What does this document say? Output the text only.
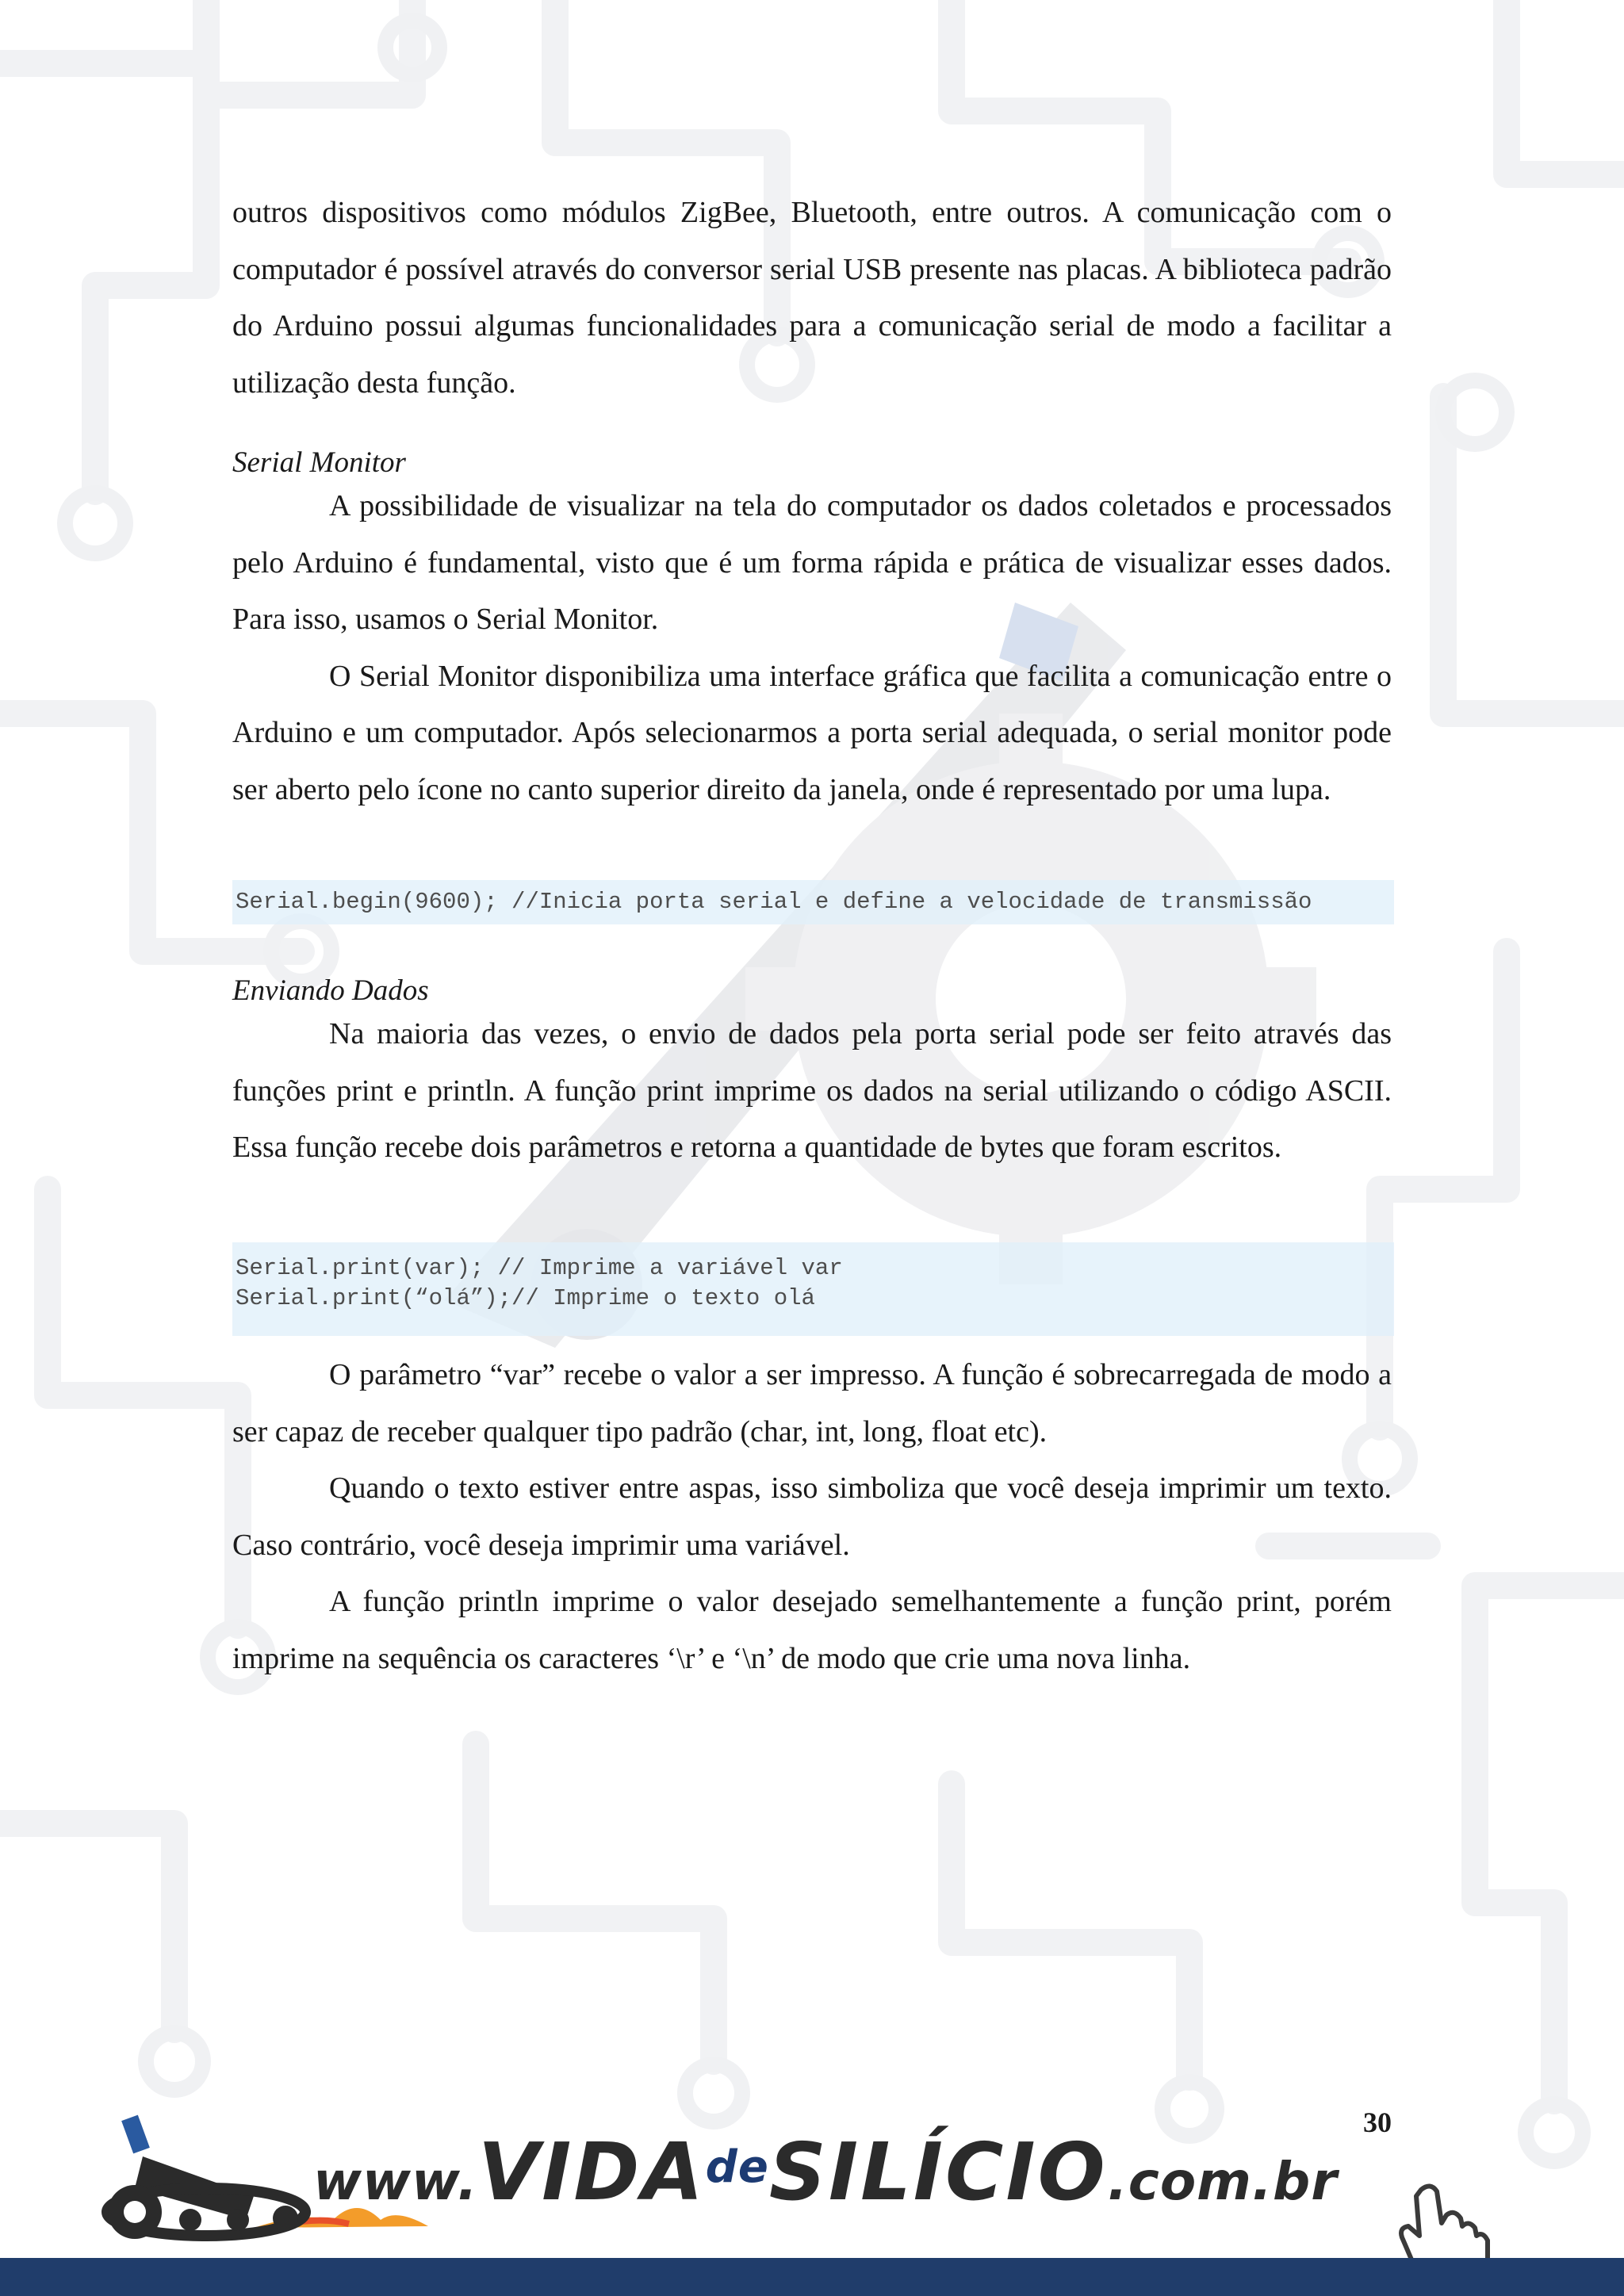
outros dispositivos como módulos ZigBee, Bluetooth, entre outros. A comunicação com o computador é possível através do conversor serial USB presente nas placas. A biblioteca padrão do Arduino possui algumas funcionalidades para a comunicação serial de modo a facilitar a utilização desta função.

Serial Monitor

A possibilidade de visualizar na tela do computador os dados coletados e processados pelo Arduino é fundamental, visto que é um forma rápida e prática de visualizar esses dados. Para isso, usamos o Serial Monitor.

O Serial Monitor disponibiliza uma interface gráfica que facilita a comunicação entre o Arduino e um computador. Após selecionarmos a porta serial adequada, o serial monitor pode ser aberto pelo ícone no canto superior direito da janela, onde é representado por uma lupa.

Serial.begin(9600); //Inicia porta serial e define a velocidade de transmissão
Enviando Dados

Na maioria das vezes, o envio de dados pela porta serial pode ser feito através das funções print e println. A função print imprime os dados na serial utilizando o código ASCII. Essa função recebe dois parâmetros e retorna a quantidade de bytes que foram escritos.

Serial.print(var); // Imprime a variável var
Serial.print(“olá”);// Imprime o texto olá

O parâmetro “var” recebe o valor a ser impresso. A função é sobrecarregada de modo a ser capaz de receber qualquer tipo padrão (char, int, long, float etc).

Quando o texto estiver entre aspas, isso simboliza que você deseja imprimir um texto. Caso contrário, você deseja imprimir uma variável.

A função println imprime o valor desejado semelhantemente a função print, porém imprime na sequência os caracteres ‘\r’ e ‘\n’ de modo que crie uma nova linha.

30
www.VIDAdeSILÍCIO.com.br
